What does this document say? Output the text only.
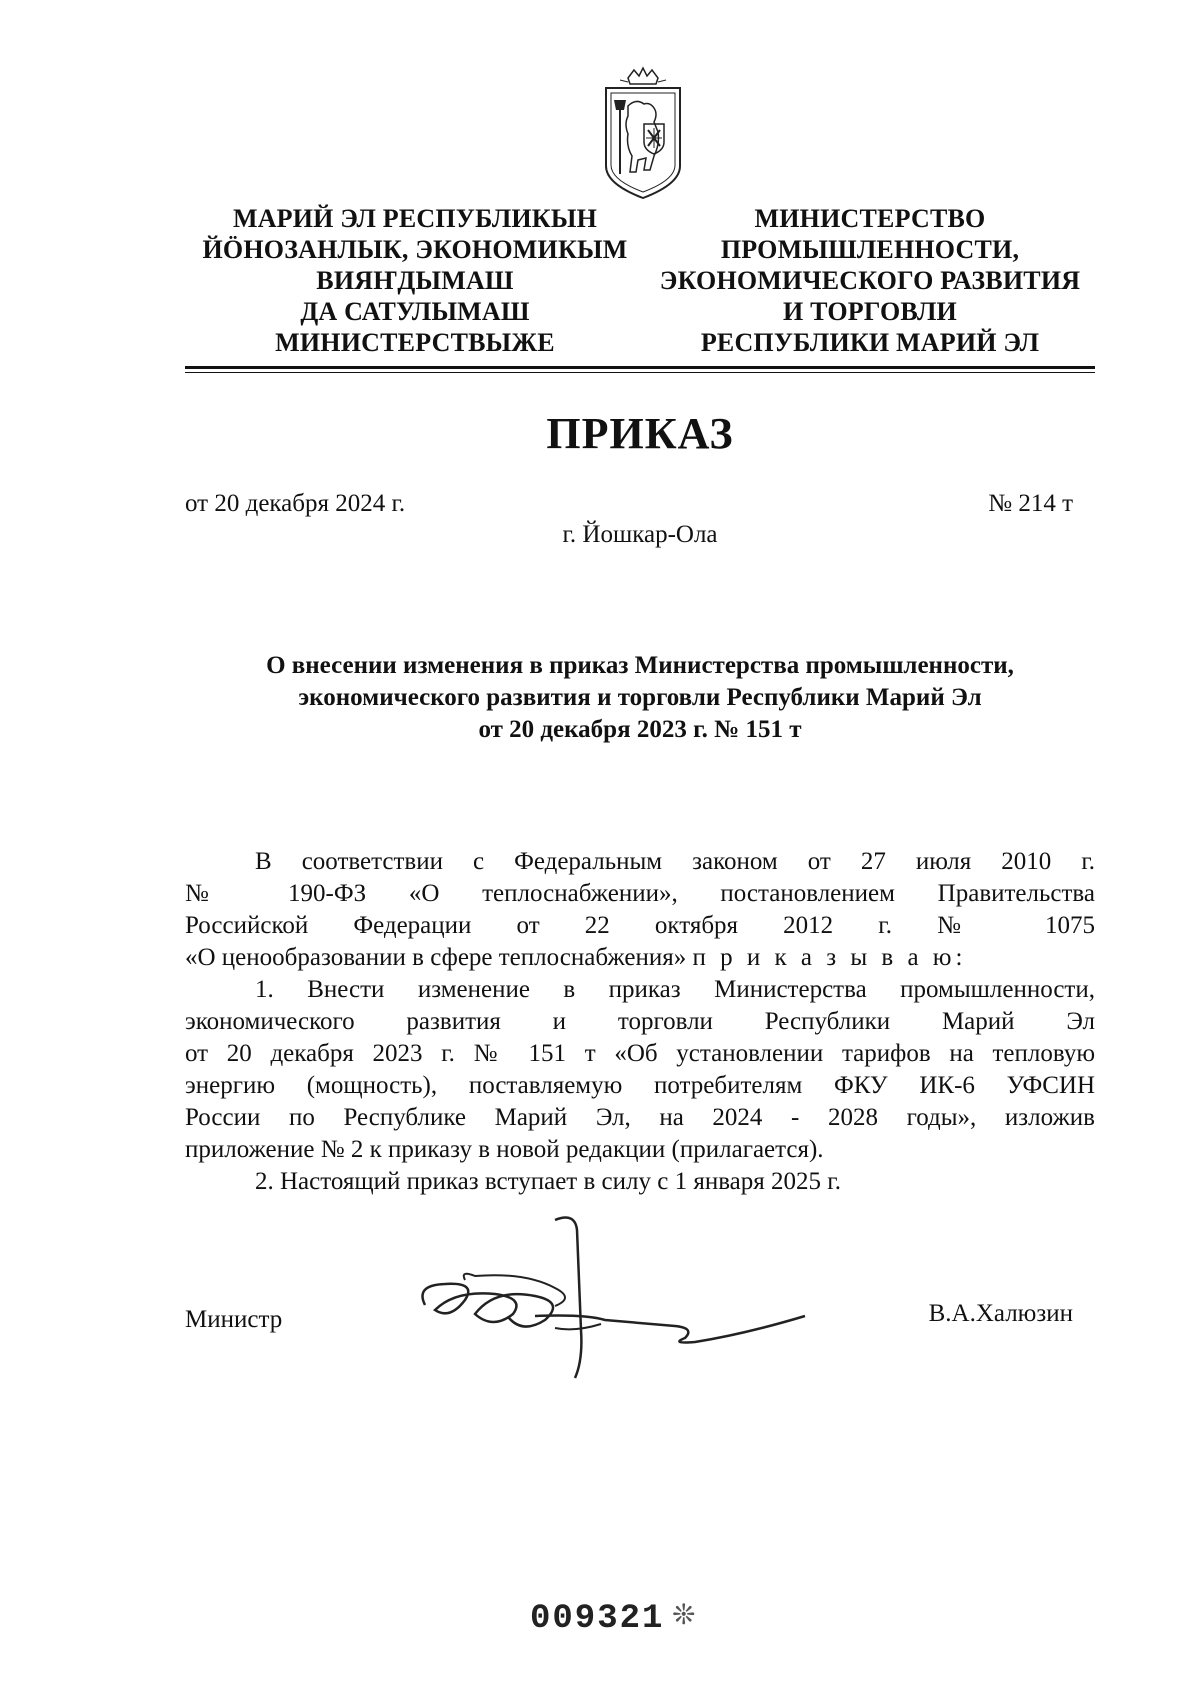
МАРИЙ ЭЛ РЕСПУБЛИКЫН
ЙӦНОЗАНЛЫК, ЭКОНОМИКЫМ
ВИЯҤДЫМАШ
ДА САТУЛЫМАШ
МИНИСТЕРСТВЫЖЕ
МИНИСТЕРСТВО
ПРОМЫШЛЕННОСТИ,
ЭКОНОМИЧЕСКОГО РАЗВИТИЯ
И ТОРГОВЛИ
РЕСПУБЛИКИ МАРИЙ ЭЛ
ПРИКАЗ
от 20 декабря 2024 г.	№ 214 т
г. Йошкар-Ола
О внесении изменения в приказ Министерства промышленности,
экономического развития и торговли Республики Марий Эл
от 20 декабря 2023 г. № 151 т
В соответствии с Федеральным законом от 27 июля 2010 г.
№ 190-ФЗ «О теплоснабжении», постановлением Правительства
Российской Федерации от 22 октября 2012 г. № 1075
«О ценообразовании в сфере теплоснабжения» п р и к а з ы в а ю:
1. Внести изменение в приказ Министерства промышленности,
экономического развития и торговли Республики Марий Эл
от 20 декабря 2023 г. № 151 т «Об установлении тарифов на тепловую
энергию (мощность), поставляемую потребителям ФКУ ИК-6 УФСИН
России по Республике Марий Эл, на 2024 - 2028 годы», изложив
приложение № 2 к приказу в новой редакции (прилагается).
2. Настоящий приказ вступает в силу с 1 января 2025 г.
Министр	В.А.Халюзин
009321 ❊
